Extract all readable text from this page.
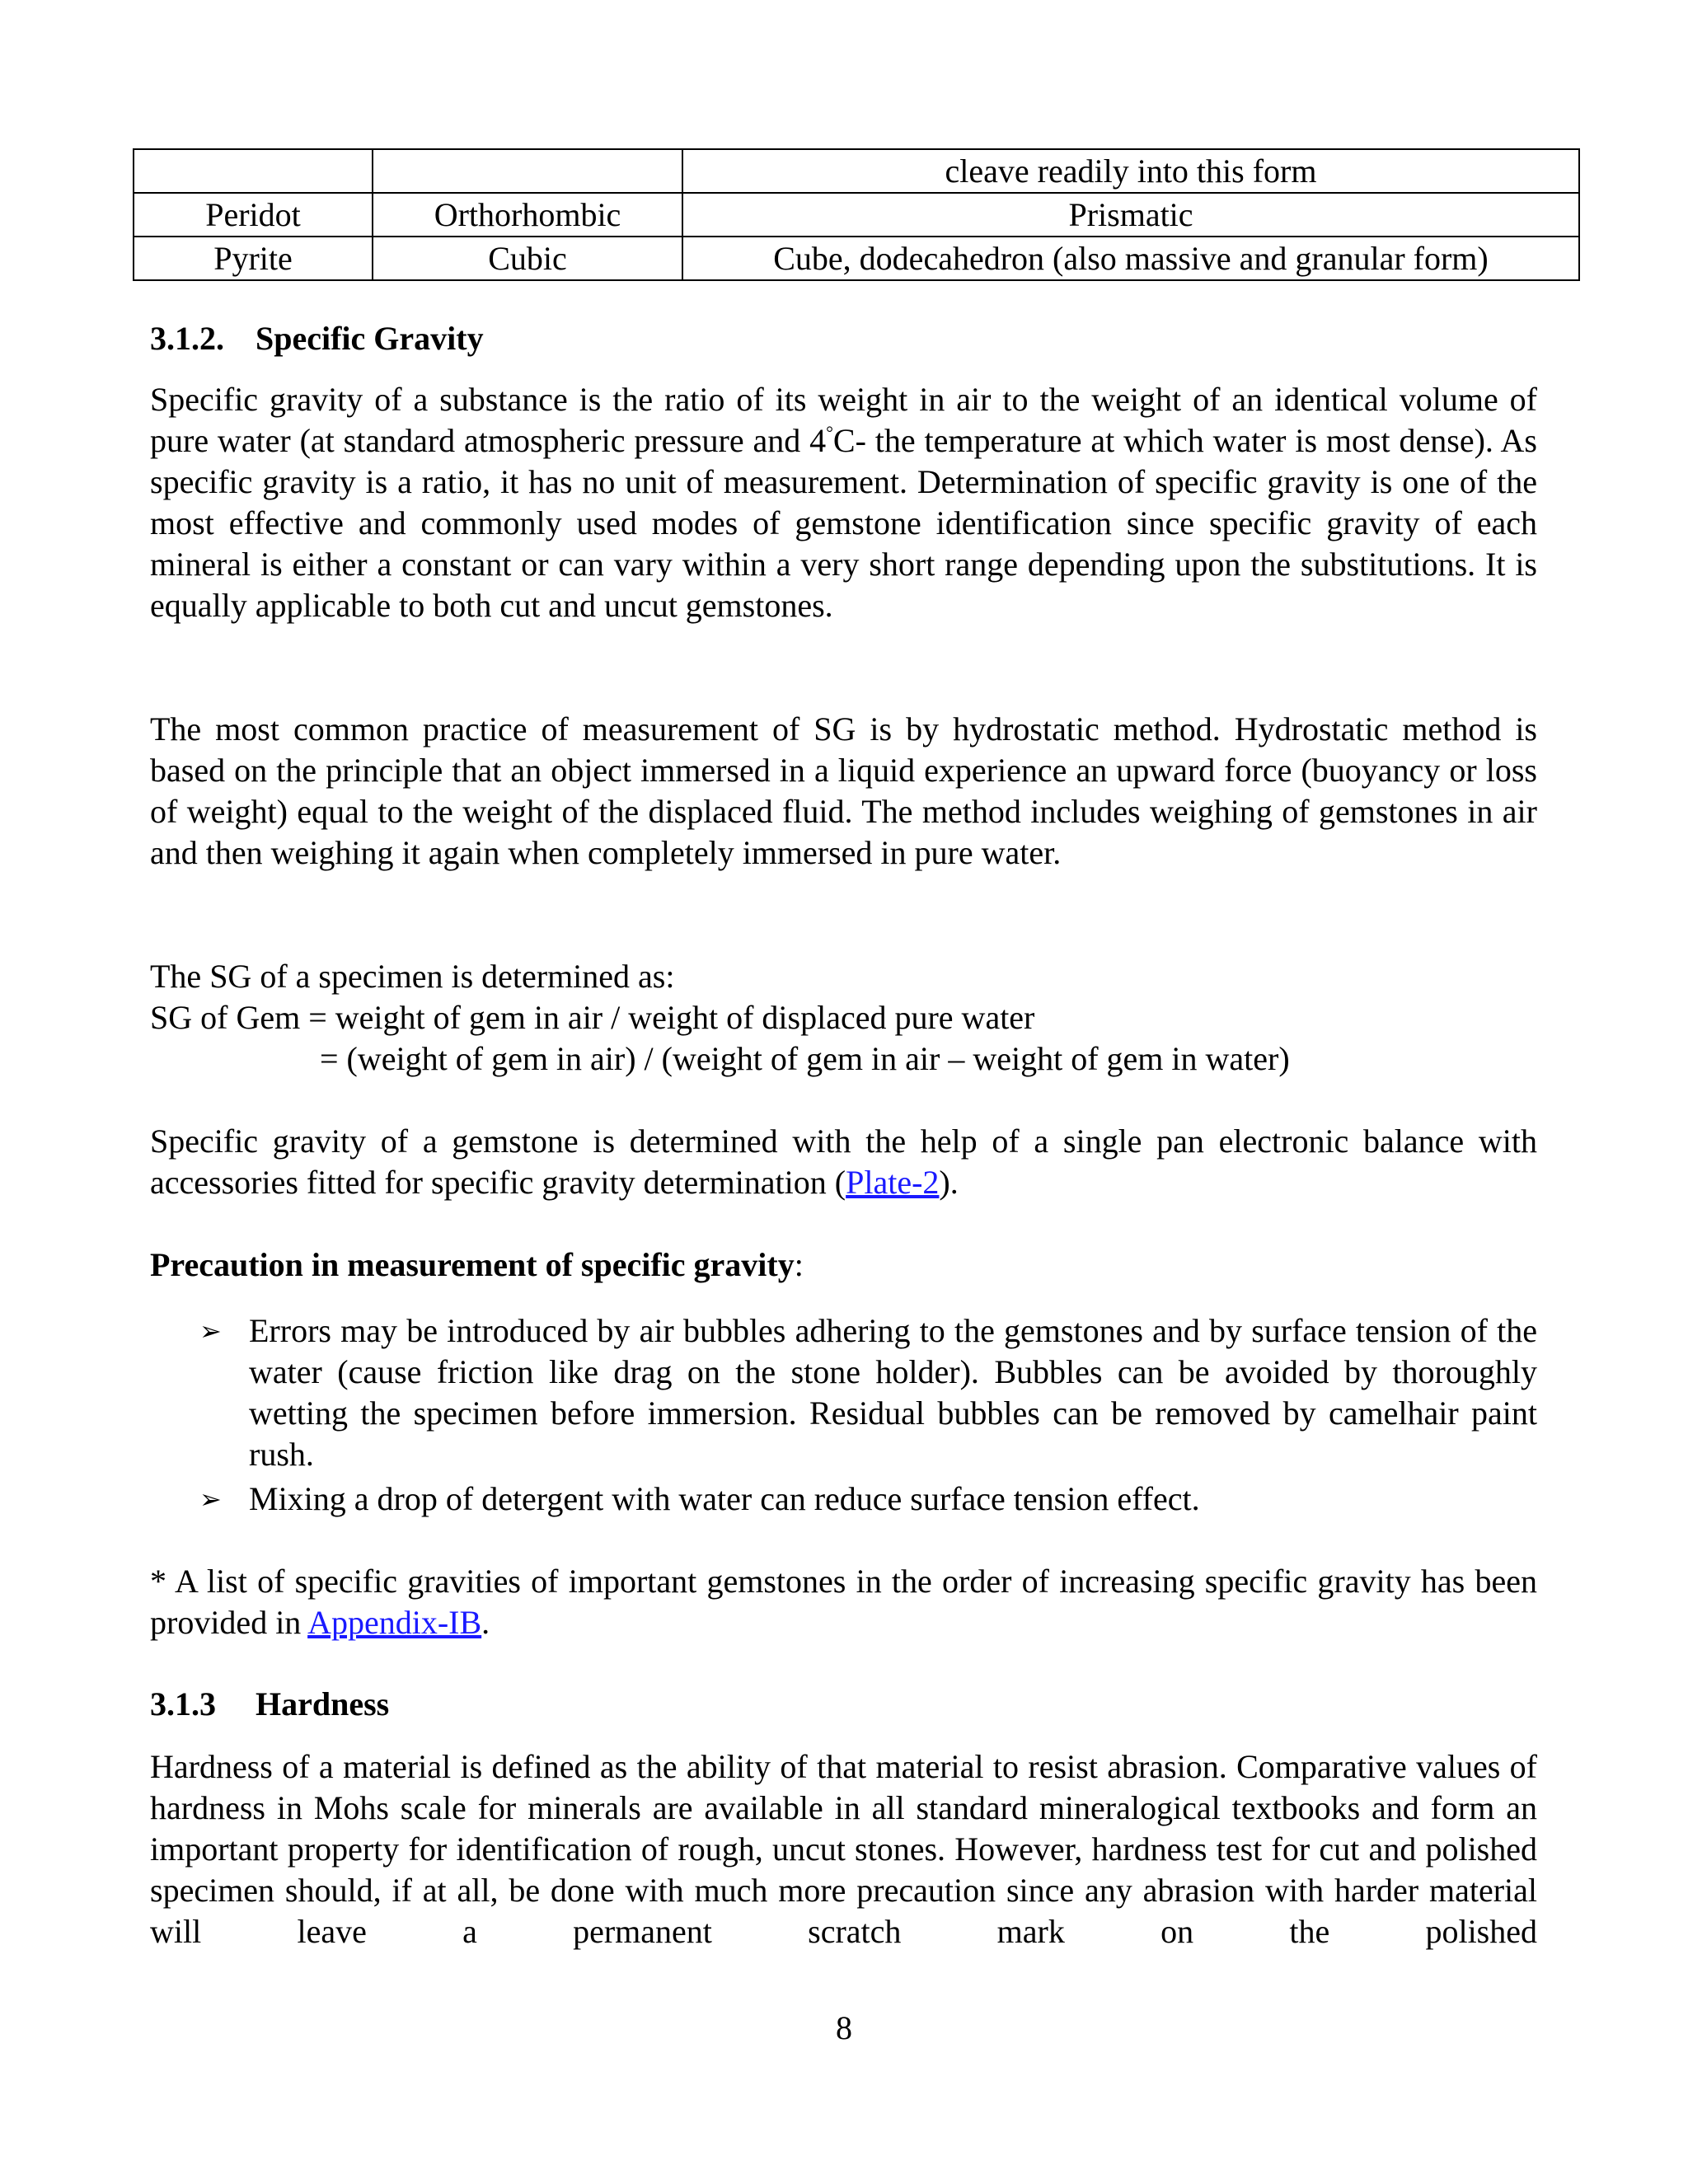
		cleave readily into this form
Peridot	Orthorhombic	Prismatic
Pyrite	Cubic	Cube, dodecahedron (also massive and granular form)
3.1.2. Specific Gravity

Specific gravity of a substance is the ratio of its weight in air to the weight of an identical volume of pure water (at standard atmospheric pressure and 4°C- the temperature at which water is most dense). As specific gravity is a ratio, it has no unit of measurement. Determination of specific gravity is one of the most effective and commonly used modes of gemstone identification since specific gravity of each mineral is either a constant or can vary within a very short range depending upon the substitutions. It is equally applicable to both cut and uncut gemstones.

The most common practice of measurement of SG is by hydrostatic method. Hydrostatic method is based on the principle that an object immersed in a liquid experience an upward force (buoyancy or loss of weight) equal to the weight of the displaced fluid. The method includes weighing of gemstones in air and then weighing it again when completely immersed in pure water.

The SG of a specimen is determined as:
SG of Gem = weight of gem in air / weight of displaced pure water
= (weight of gem in air) / (weight of gem in air – weight of gem in water)

Specific gravity of a gemstone is determined with the help of a single pan electronic balance with accessories fitted for specific gravity determination (Plate-2).

Precaution in measurement of specific gravity:
➢ Errors may be introduced by air bubbles adhering to the gemstones and by surface tension of the water (cause friction like drag on the stone holder). Bubbles can be avoided by thoroughly wetting the specimen before immersion. Residual bubbles can be removed by camelhair paint rush.
➢ Mixing a drop of detergent with water can reduce surface tension effect.

* A list of specific gravities of important gemstones in the order of increasing specific gravity has been provided in Appendix-IB.

3.1.3 Hardness

Hardness of a material is defined as the ability of that material to resist abrasion. Comparative values of hardness in Mohs scale for minerals are available in all standard mineralogical textbooks and form an important property for identification of rough, uncut stones. However, hardness test for cut and polished specimen should, if at all, be done with much more precaution since any abrasion with harder material will leave a permanent scratch mark on the polished

8
